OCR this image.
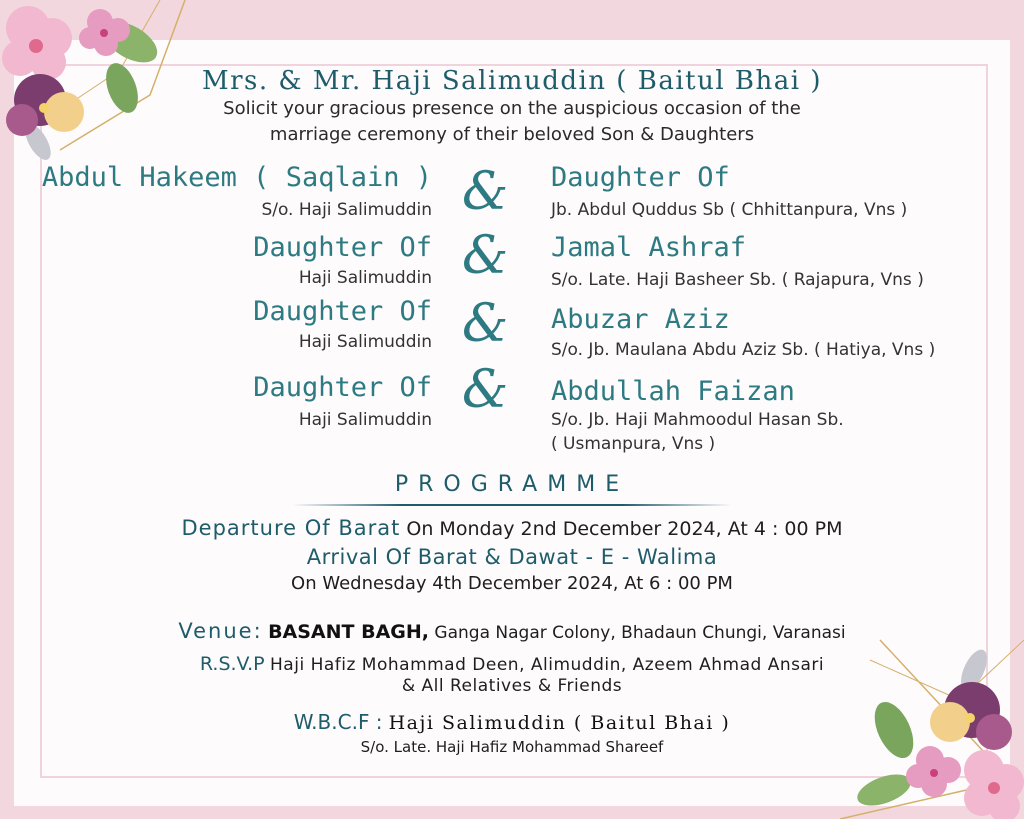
Mrs. & Mr. Haji Salimuddin ( Baitul Bhai )
Solicit your gracious presence on the auspicious occasion of the
marriage ceremony of their beloved Son & Daughters
Abdul Hakeem ( Saqlain )
S/o. Haji Salimuddin & Daughter Of
Jb. Abdul Quddus Sb ( Chhittanpura, Vns )
Daughter Of
Haji Salimuddin & Jamal Ashraf
S/o. Late. Haji Basheer Sb. ( Rajapura, Vns )
Daughter Of
Haji Salimuddin & Abuzar Aziz
S/o. Jb. Maulana Abdu Aziz Sb. ( Hatiya, Vns )
Daughter Of
Haji Salimuddin & Abdullah Faizan
S/o. Jb. Haji Mahmoodul Hasan Sb.
( Usmanpura, Vns )
PROGRAMME
Departure Of Barat On Monday 2nd December 2024, At 4 : 00 PM
Arrival Of Barat & Dawat - E - Walima
On Wednesday 4th December 2024, At 6 : 00 PM
Venue: BASANT BAGH, Ganga Nagar Colony, Bhadaun Chungi, Varanasi
R.S.V.P Haji Hafiz Mohammad Deen, Alimuddin, Azeem Ahmad Ansari
& All Relatives & Friends
W.B.C.F : Haji Salimuddin ( Baitul Bhai )
S/o. Late. Haji Hafiz Mohammad Shareef
